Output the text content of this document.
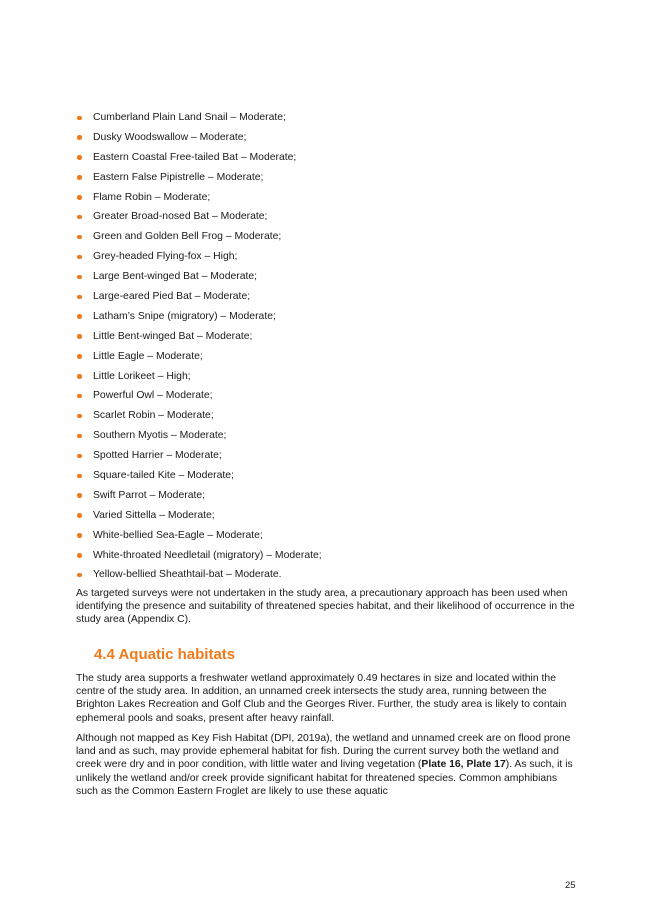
Cumberland Plain Land Snail – Moderate;
Dusky Woodswallow – Moderate;
Eastern Coastal Free-tailed Bat – Moderate;
Eastern False Pipistrelle – Moderate;
Flame Robin – Moderate;
Greater Broad-nosed Bat – Moderate;
Green and Golden Bell Frog – Moderate;
Grey-headed Flying-fox – High;
Large Bent-winged Bat – Moderate;
Large-eared Pied Bat – Moderate;
Latham’s Snipe (migratory) – Moderate;
Little Bent-winged Bat – Moderate;
Little Eagle – Moderate;
Little Lorikeet – High;
Powerful Owl – Moderate;
Scarlet Robin – Moderate;
Southern Myotis – Moderate;
Spotted Harrier – Moderate;
Square-tailed Kite – Moderate;
Swift Parrot – Moderate;
Varied Sittella – Moderate;
White-bellied Sea-Eagle – Moderate;
White-throated Needletail (migratory) – Moderate;
Yellow-bellied Sheathtail-bat – Moderate.

As targeted surveys were not undertaken in the study area, a precautionary approach has been used when identifying the presence and suitability of threatened species habitat, and their likelihood of occurrence in the study area (Appendix C).

4.4 Aquatic habitats

The study area supports a freshwater wetland approximately 0.49 hectares in size and located within the centre of the study area. In addition, an unnamed creek intersects the study area, running between the Brighton Lakes Recreation and Golf Club and the Georges River. Further, the study area is likely to contain ephemeral pools and soaks, present after heavy rainfall.

Although not mapped as Key Fish Habitat (DPI, 2019a), the wetland and unnamed creek are on flood prone land and as such, may provide ephemeral habitat for fish. During the current survey both the wetland and creek were dry and in poor condition, with little water and living vegetation (Plate 16, Plate 17). As such, it is unlikely the wetland and/or creek provide significant habitat for threatened species. Common amphibians such as the Common Eastern Froglet are likely to use these aquatic

25
